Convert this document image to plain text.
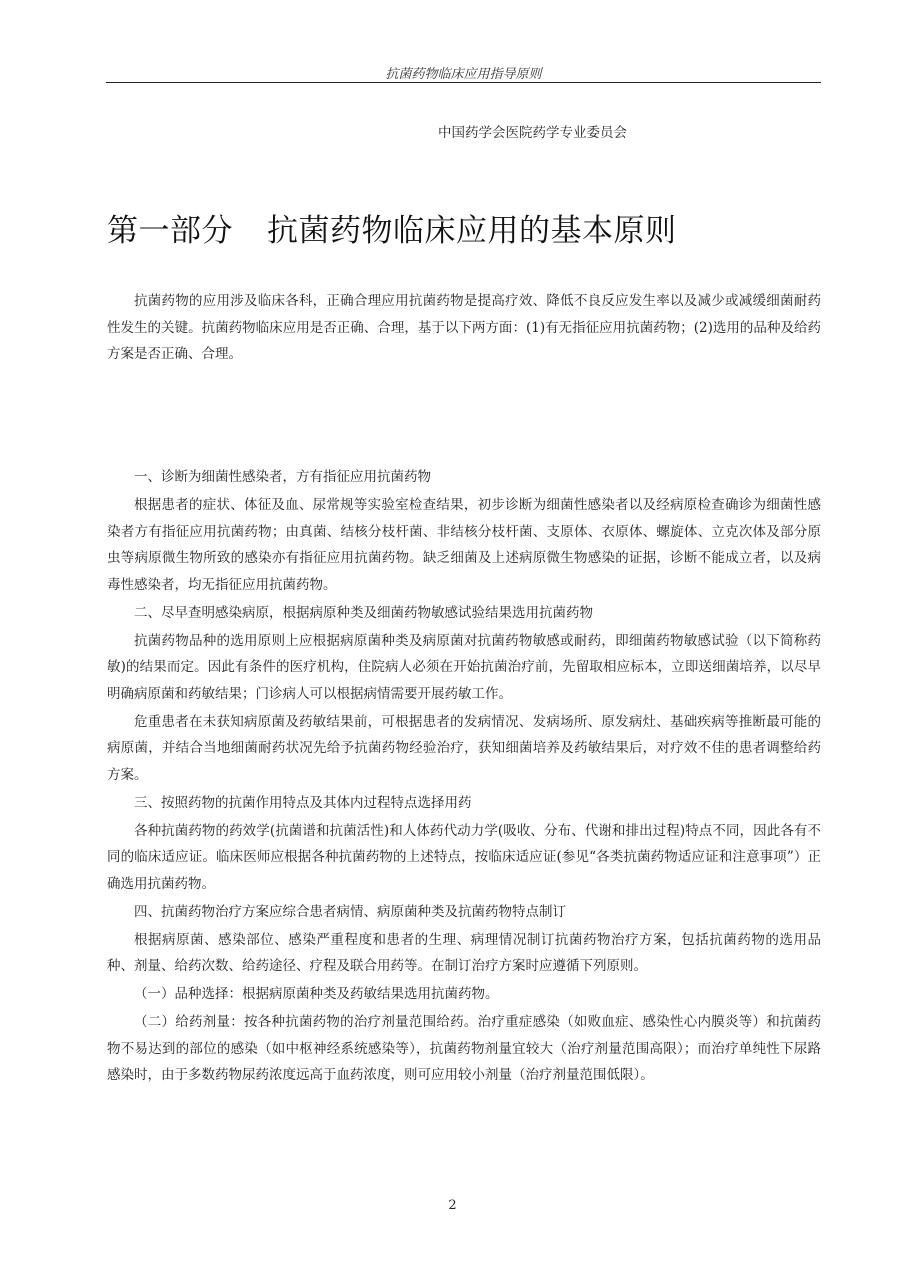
抗菌药物临床应用指导原则
中国药学会医院药学专业委员会
第一部分 抗菌药物临床应用的基本原则

抗菌药物的应用涉及临床各科，正确合理应用抗菌药物是提高疗效、降低不良反应发生率以及减少或减缓细菌耐药性发生的关键。抗菌药物临床应用是否正确、合理，基于以下两方面：(1)有无指征应用抗菌药物；(2)选用的品种及给药方案是否正确、合理。

一、诊断为细菌性感染者，方有指征应用抗菌药物

根据患者的症状、体征及血、尿常规等实验室检查结果，初步诊断为细菌性感染者以及经病原检查确诊为细菌性感染者方有指征应用抗菌药物；由真菌、结核分枝杆菌、非结核分枝杆菌、支原体、衣原体、螺旋体、立克次体及部分原虫等病原微生物所致的感染亦有指征应用抗菌药物。缺乏细菌及上述病原微生物感染的证据，诊断不能成立者，以及病毒性感染者，均无指征应用抗菌药物。

二、尽早查明感染病原，根据病原种类及细菌药物敏感试验结果选用抗菌药物

抗菌药物品种的选用原则上应根据病原菌种类及病原菌对抗菌药物敏感或耐药，即细菌药物敏感试验（以下简称药敏)的结果而定。因此有条件的医疗机构，住院病人必须在开始抗菌治疗前，先留取相应标本，立即送细菌培养，以尽早明确病原菌和药敏结果；门诊病人可以根据病情需要开展药敏工作。

危重患者在未获知病原菌及药敏结果前，可根据患者的发病情况、发病场所、原发病灶、基础疾病等推断最可能的病原菌，并结合当地细菌耐药状况先给予抗菌药物经验治疗，获知细菌培养及药敏结果后，对疗效不佳的患者调整给药方案。

三、按照药物的抗菌作用特点及其体内过程特点选择用药

各种抗菌药物的药效学(抗菌谱和抗菌活性)和人体药代动力学(吸收、分布、代谢和排出过程)特点不同，因此各有不同的临床适应证。临床医师应根据各种抗菌药物的上述特点，按临床适应证(参见“各类抗菌药物适应证和注意事项”）正确选用抗菌药物。

四、抗菌药物治疗方案应综合患者病情、病原菌种类及抗菌药物特点制订

根据病原菌、感染部位、感染严重程度和患者的生理、病理情况制订抗菌药物治疗方案，包括抗菌药物的选用品种、剂量、给药次数、给药途径、疗程及联合用药等。在制订治疗方案时应遵循下列原则。

（一）品种选择：根据病原菌种类及药敏结果选用抗菌药物。

（二）给药剂量：按各种抗菌药物的治疗剂量范围给药。治疗重症感染（如败血症、感染性心内膜炎等）和抗菌药物不易达到的部位的感染（如中枢神经系统感染等），抗菌药物剂量宜较大（治疗剂量范围高限）；而治疗单纯性下尿路感染时，由于多数药物尿药浓度远高于血药浓度，则可应用较小剂量（治疗剂量范围低限）。

2
